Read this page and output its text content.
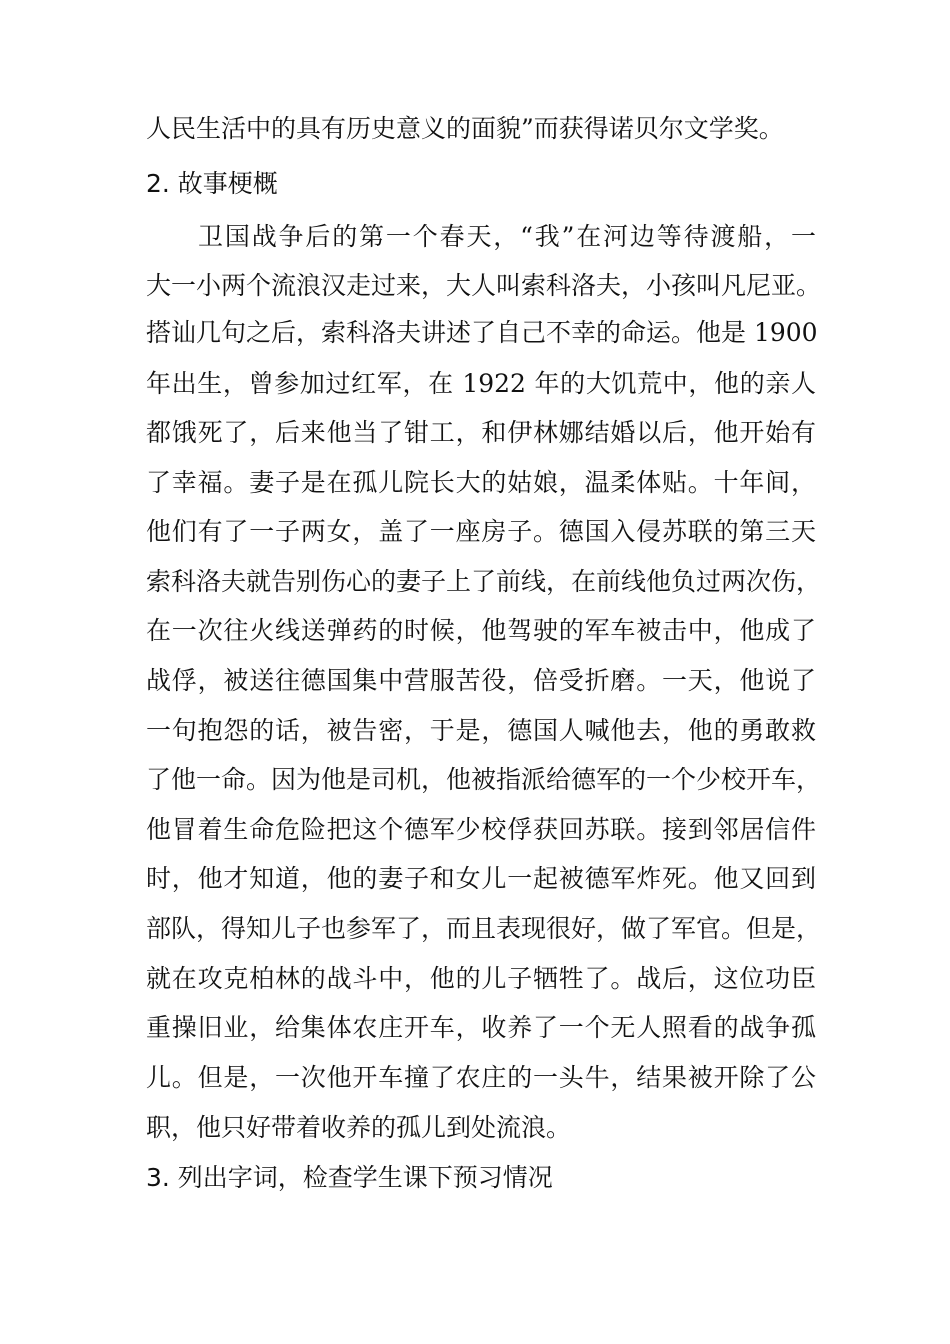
人民生活中的具有历史意义的面貌”而获得诺贝尔文学奖。
2. 故事梗概
卫国战争后的第一个春天，“我”在河边等待渡船，一
大一小两个流浪汉走过来，大人叫索科洛夫，小孩叫凡尼亚。
搭讪几句之后，索科洛夫讲述了自己不幸的命运。他是 1900
年出生，曾参加过红军，在 1922 年的大饥荒中，他的亲人
都饿死了，后来他当了钳工，和伊林娜结婚以后，他开始有
了幸福。妻子是在孤儿院长大的姑娘，温柔体贴。十年间，
他们有了一子两女，盖了一座房子。德国入侵苏联的第三天
索科洛夫就告别伤心的妻子上了前线，在前线他负过两次伤，
在一次往火线送弹药的时候，他驾驶的军车被击中，他成了
战俘，被送往德国集中营服苦役，倍受折磨。一天，他说了
一句抱怨的话，被告密，于是，德国人喊他去，他的勇敢救
了他一命。因为他是司机，他被指派给德军的一个少校开车，
他冒着生命危险把这个德军少校俘获回苏联。接到邻居信件
时，他才知道，他的妻子和女儿一起被德军炸死。他又回到
部队，得知儿子也参军了，而且表现很好，做了军官。但是，
就在攻克柏林的战斗中，他的儿子牺牲了。战后，这位功臣
重操旧业，给集体农庄开车，收养了一个无人照看的战争孤
儿。但是，一次他开车撞了农庄的一头牛，结果被开除了公
职，他只好带着收养的孤儿到处流浪。
3. 列出字词，检查学生课下预习情况
